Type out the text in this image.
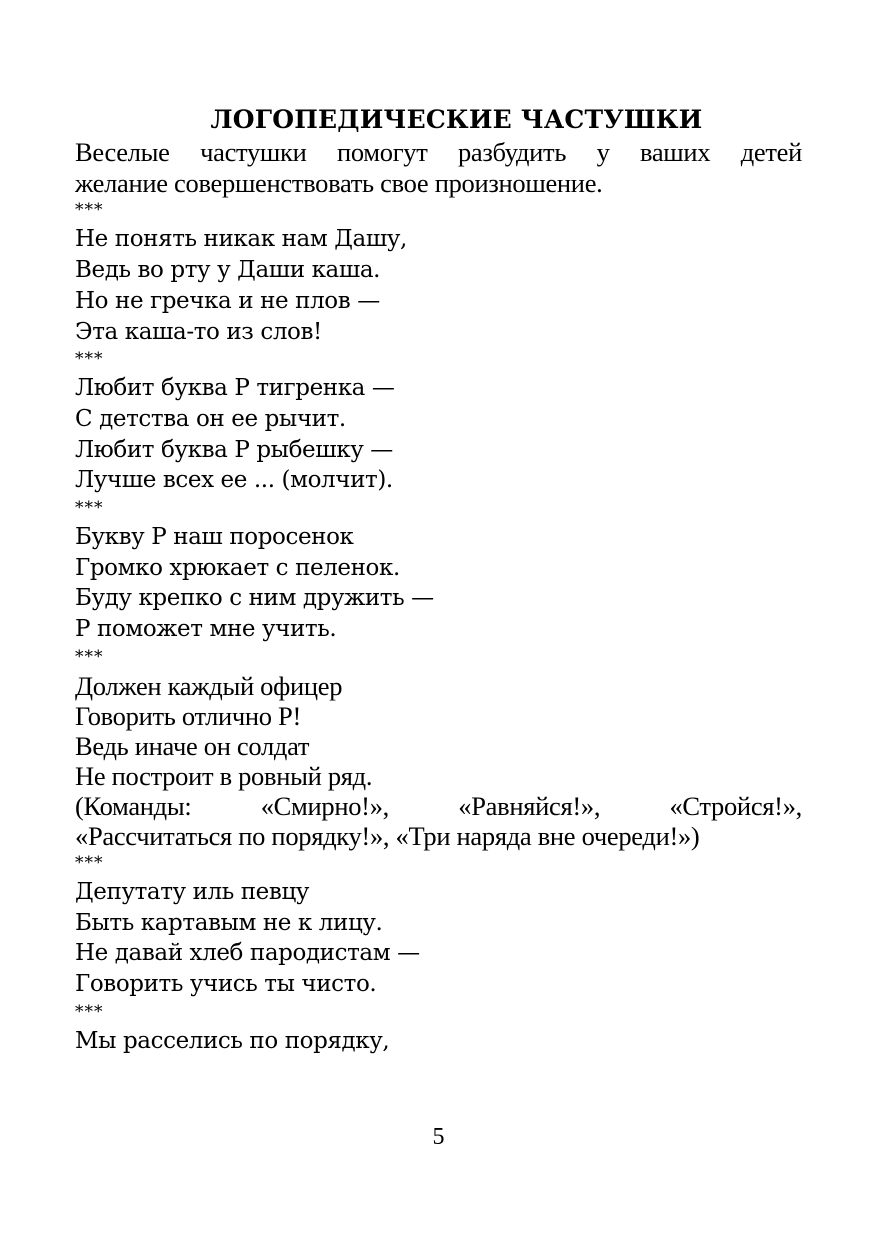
ЛОГОПЕДИЧЕСКИЕ ЧАСТУШКИ
Веселые частушки помогут разбудить у ваших детей
желание совершенствовать свое произношение.
***
Не понять никак нам Дашу,
Ведь во рту у Даши каша.
Но не гречка и не плов —
Эта каша-то из слов!
***
Любит буква Р тигренка —
С детства он ее рычит.
Любит буква Р рыбешку —
Лучше всех ее ... (молчит).
***
Букву Р наш поросенок
Громко хрюкает с пеленок.
Буду крепко с ним дружить —
Р поможет мне учить.
***
Должен каждый офицер
Говорить отлично Р!
Ведь иначе он солдат
Не построит в ровный ряд.
(Команды:	«Смирно!»,	«Равняйся!»,	«Стройся!»,
«Рассчитаться по порядку!», «Три наряда вне очереди!»)
***
Депутату иль певцу
Быть картавым не к лицу.
Не давай хлеб пародистам —
Говорить учись ты чисто.
***
Мы расселись по порядку,
5
